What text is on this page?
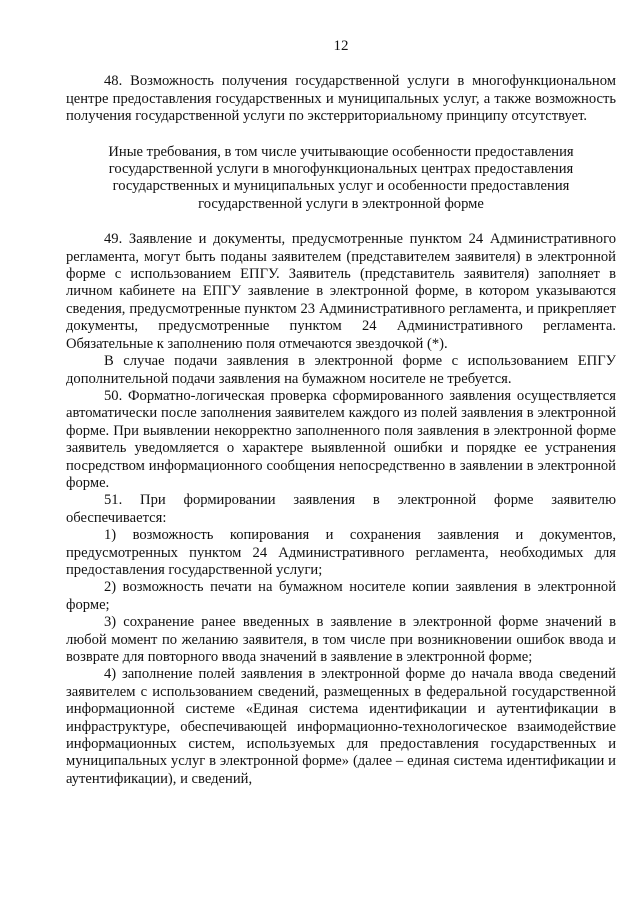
12

48. Возможность получения государственной услуги в многофункциональном центре предоставления государственных и муниципальных услуг, а также возможность получения государственной услуги по экстерриториальному принципу отсутствует.

Иные требования, в том числе учитывающие особенности предоставления государственной услуги в многофункциональных центрах предоставления государственных и муниципальных услуг и особенности предоставления государственной услуги в электронной форме

49. Заявление и документы, предусмотренные пунктом 24 Административного регламента, могут быть поданы заявителем (представителем заявителя) в электронной форме с использованием ЕПГУ. Заявитель (представитель заявителя) заполняет в личном кабинете на ЕПГУ заявление в электронной форме, в котором указываются сведения, предусмотренные пунктом 23 Административного регламента, и прикрепляет документы, предусмотренные пунктом 24 Административного регламента. Обязательные к заполнению поля отмечаются звездочкой (*).

В случае подачи заявления в электронной форме с использованием ЕПГУ дополнительной подачи заявления на бумажном носителе не требуется.

50. Форматно-логическая проверка сформированного заявления осуществляется автоматически после заполнения заявителем каждого из полей заявления в электронной форме. При выявлении некорректно заполненного поля заявления в электронной форме заявитель уведомляется о характере выявленной ошибки и порядке ее устранения посредством информационного сообщения непосредственно в заявлении в электронной форме.

51. При формировании заявления в электронной форме заявителю обеспечивается:

1) возможность копирования и сохранения заявления и документов, предусмотренных пунктом 24 Административного регламента, необходимых для предоставления государственной услуги;

2) возможность печати на бумажном носителе копии заявления в электронной форме;

3) сохранение ранее введенных в заявление в электронной форме значений в любой момент по желанию заявителя, в том числе при возникновении ошибок ввода и возврате для повторного ввода значений в заявление в электронной форме;

4) заполнение полей заявления в электронной форме до начала ввода сведений заявителем с использованием сведений, размещенных в федеральной государственной информационной системе «Единая система идентификации и аутентификации в инфраструктуре, обеспечивающей информационно-технологическое взаимодействие информационных систем, используемых для предоставления государственных и муниципальных услуг в электронной форме» (далее – единая система идентификации и аутентификации), и сведений,
